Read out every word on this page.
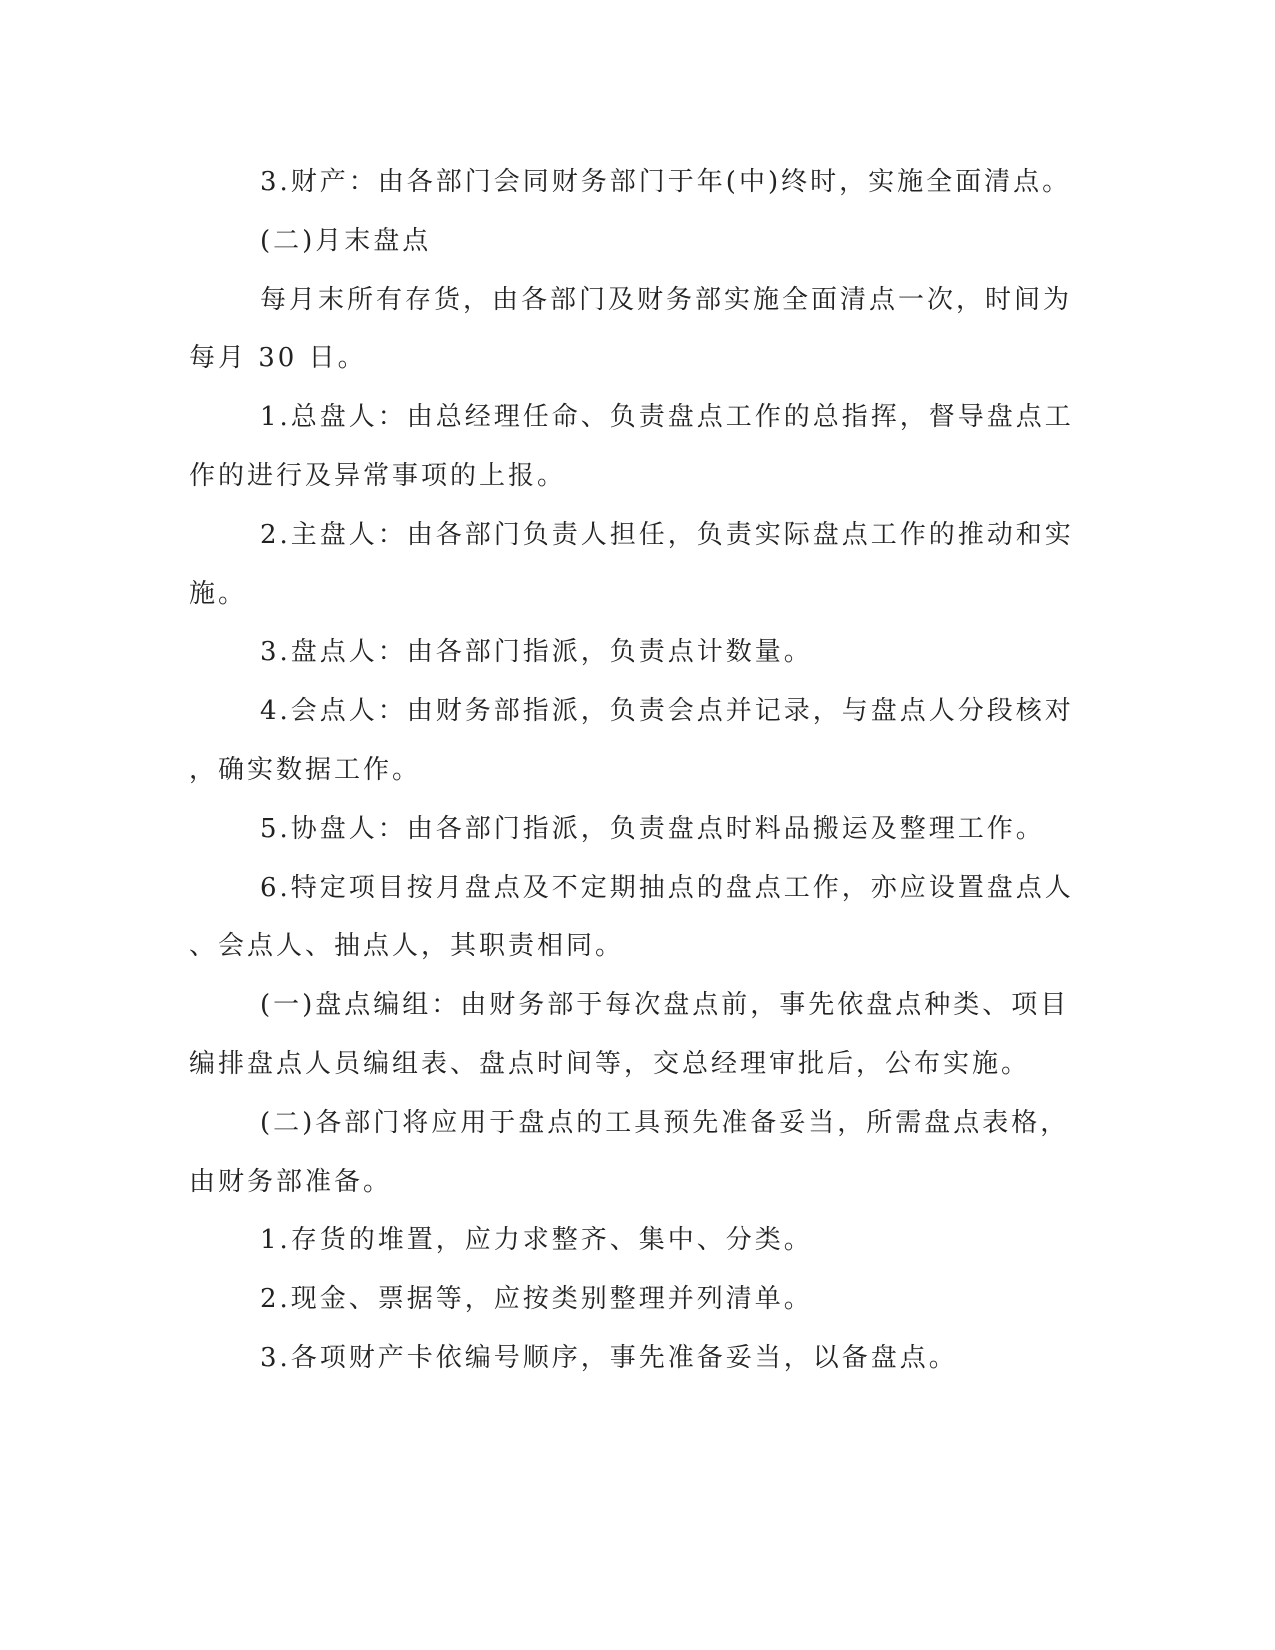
3.财产：由各部门会同财务部门于年(中)终时，实施全面清点。
(二)月末盘点
每月末所有存货，由各部门及财务部实施全面清点一次，时间为
每月 30 日。
1.总盘人：由总经理任命、负责盘点工作的总指挥，督导盘点工
作的进行及异常事项的上报。
2.主盘人：由各部门负责人担任，负责实际盘点工作的推动和实
施。
3.盘点人：由各部门指派，负责点计数量。
4.会点人：由财务部指派，负责会点并记录，与盘点人分段核对
，确实数据工作。
5.协盘人：由各部门指派，负责盘点时料品搬运及整理工作。
6.特定项目按月盘点及不定期抽点的盘点工作，亦应设置盘点人
、会点人、抽点人，其职责相同。
(一)盘点编组：由财务部于每次盘点前，事先依盘点种类、项目
编排盘点人员编组表、盘点时间等，交总经理审批后，公布实施。
(二)各部门将应用于盘点的工具预先准备妥当，所需盘点表格，
由财务部准备。
1.存货的堆置，应力求整齐、集中、分类。
2.现金、票据等，应按类别整理并列清单。
3.各项财产卡依编号顺序，事先准备妥当，以备盘点。
